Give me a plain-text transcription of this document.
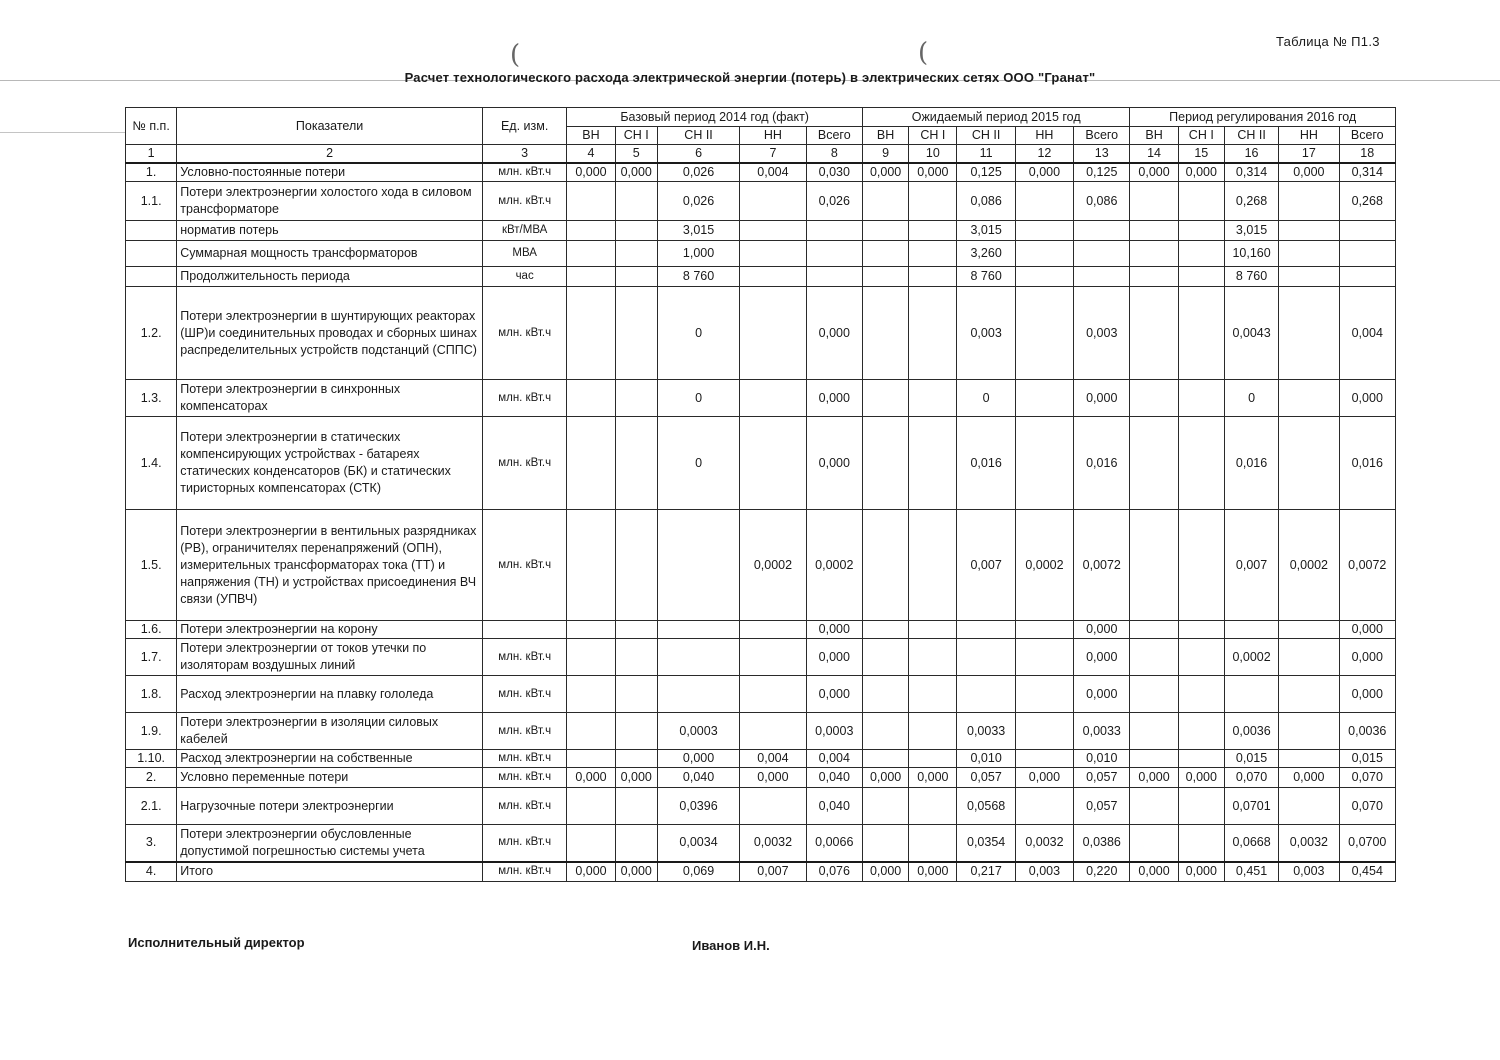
Таблица № П1.3
(	(
Расчет технологического расхода электрической энергии (потерь) в электрических сетях ООО "Гранат"
№ п.п.	Показатели	Ед. изм.	Базовый период 2014 год (факт)					Ожидаемый период 2015 год					Период регулирования 2016 год				
			ВН	СН I	СН II	НН	Всего	ВН	СН I	СН II	НН	Всего	ВН	СН I	СН II	НН	Всего
1	2	3	4	5	6	7	8	9	10	11	12	13	14	15	16	17	18
1.	Условно-постоянные потери	млн. кВт.ч	0,000	0,000	0,026	0,004	0,030	0,000	0,000	0,125	0,000	0,125	0,000	0,000	0,314	0,000	0,314
1.1.	Потери электроэнергии холостого хода в силовом трансформаторе	млн. кВт.ч			0,026		0,026			0,086		0,086			0,268		0,268
	норматив потерь	кВт/МВА			3,015					3,015					3,015		
	Суммарная мощность трансформаторов	МВА			1,000					3,260					10,160		
	Продолжительность периода	час			8 760					8 760					8 760		
1.2.	Потери электроэнергии в шунтирующих реакторах (ШР)и соединительных проводах и сборных шинах распределительных устройств подстанций (СППС)	млн. кВт.ч			0		0,000			0,003		0,003			0,0043		0,004
1.3.	Потери электроэнергии в синхронных компенсаторах	млн. кВт.ч			0		0,000			0		0,000			0		0,000
1.4.	Потери электроэнергии в статических компенсирующих устройствах - батареях статических конденсаторов (БК) и статических тиристорных компенсаторах (СТК)	млн. кВт.ч			0		0,000			0,016		0,016			0,016		0,016
1.5.	Потери электроэнергии в вентильных разрядниках (РВ), ограничителях перенапряжений (ОПН), измерительных трансформаторах тока (ТТ) и напряжения (ТН) и устройствах присоединения ВЧ связи (УПВЧ)	млн. кВт.ч				0,0002	0,0002			0,007	0,0002	0,0072			0,007	0,0002	0,0072
1.6.	Потери электроэнергии на корону						0,000					0,000					0,000
1.7.	Потери электроэнергии от токов утечки по изоляторам воздушных линий	млн. кВт.ч					0,000					0,000			0,0002		0,000
1.8.	Расход электроэнергии на плавку гололеда	млн. кВт.ч					0,000					0,000					0,000
1.9.	Потери электроэнергии в изоляции силовых кабелей	млн. кВт.ч			0,0003		0,0003			0,0033		0,0033			0,0036		0,0036
1.10.	Расход электроэнергии на собственные	млн. кВт.ч			0,000	0,004	0,004			0,010		0,010			0,015		0,015
2.	Условно переменные потери	млн. кВт.ч	0,000	0,000	0,040	0,000	0,040	0,000	0,000	0,057	0,000	0,057	0,000	0,000	0,070	0,000	0,070
2.1.	Нагрузочные потери электроэнергии	млн. кВт.ч			0,0396		0,040			0,0568		0,057			0,0701		0,070
3.	Потери электроэнергии обусловленные допустимой погрешностью системы учета	млн. кВт.ч			0,0034	0,0032	0,0066			0,0354	0,0032	0,0386			0,0668	0,0032	0,0700
4.	Итого	млн. кВт.ч	0,000	0,000	0,069	0,007	0,076	0,000	0,000	0,217	0,003	0,220	0,000	0,000	0,451	0,003	0,454
Исполнительный директор	Иванов И.Н.
